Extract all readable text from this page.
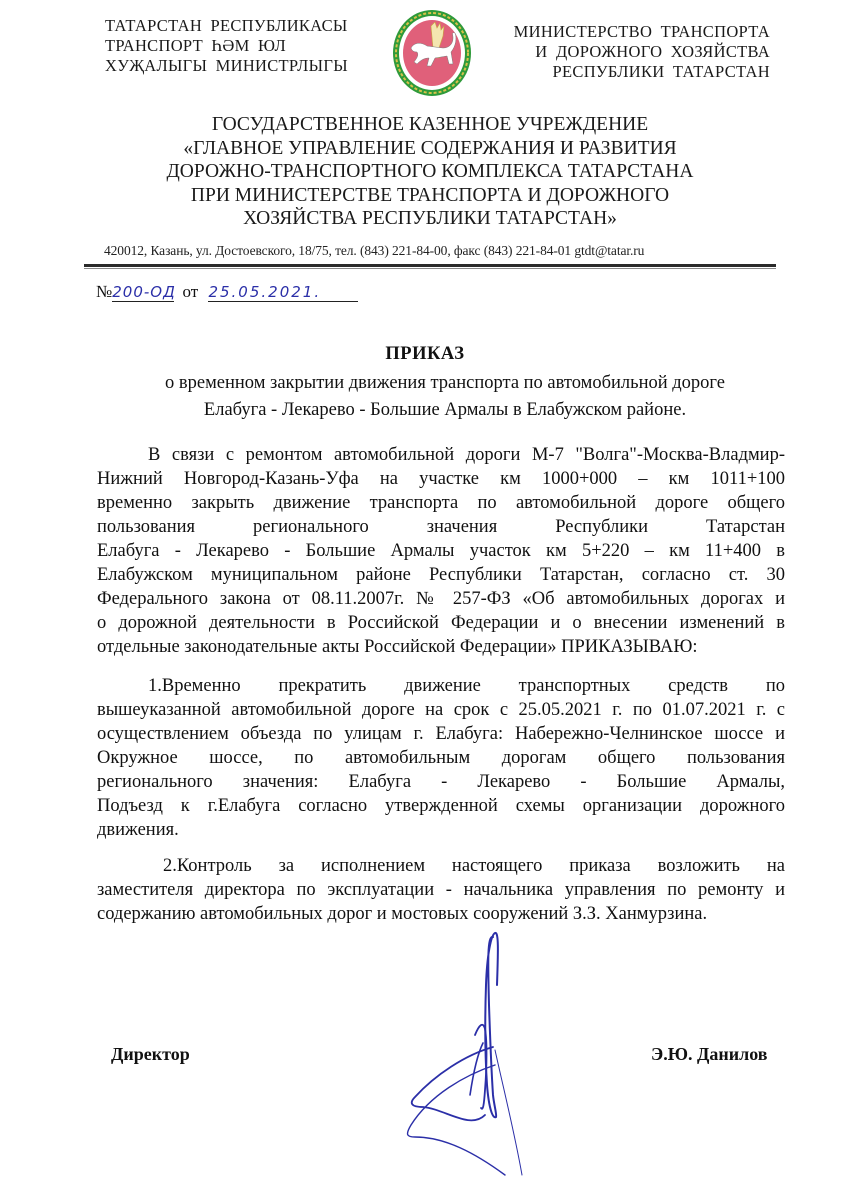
ТАТАРСТАН РЕСПУБЛИКАСЫ
ТРАНСПОРТ ҺӘМ ЮЛ
ХУҖАЛЫГЫ МИНИСТРЛЫГЫ
МИНИСТЕРСТВО ТРАНСПОРТА
И ДОРОЖНОГО ХОЗЯЙСТВА
РЕСПУБЛИКИ ТАТАРСТАН
ГОСУДАРСТВЕННОЕ КАЗЕННОЕ УЧРЕЖДЕНИЕ
«ГЛАВНОЕ УПРАВЛЕНИЕ СОДЕРЖАНИЯ И РАЗВИТИЯ
ДОРОЖНО-ТРАНСПОРТНОГО КОМПЛЕКСА ТАТАРСТАНА
ПРИ МИНИСТЕРСТВЕ ТРАНСПОРТА И ДОРОЖНОГО
ХОЗЯЙСТВА РЕСПУБЛИКИ ТАТАРСТАН»
420012, Казань, ул. Достоевского, 18/75, тел. (843) 221-84-00, факс (843) 221-84-01 gtdt@tatar.ru
№200-ОД от 25.05.2021.
ПРИКАЗ
о временном закрытии движения транспорта по автомобильной дороге
Елабуга - Лекарево - Большие Армалы в Елабужском районе.
В связи с ремонтом автомобильной дороги М-7 "Волга"-Москва-Владмир-
Нижний Новгород-Казань-Уфа на участке км 1000+000 – км 1011+100
временно закрыть движение транспорта по автомобильной дороге общего
пользования регионального значения Республики Татарстан
Елабуга - Лекарево - Большие Армалы участок км 5+220 – км 11+400 в
Елабужском муниципальном районе Республики Татарстан, согласно ст. 30
Федерального закона от 08.11.2007г. № 257-ФЗ «Об автомобильных дорогах и
о дорожной деятельности в Российской Федерации и о внесении изменений в
отдельные законодательные акты Российской Федерации» ПРИКАЗЫВАЮ:
1.Временно прекратить движение транспортных средств по
вышеуказанной автомобильной дороге на срок с 25.05.2021 г. по 01.07.2021 г. с
осуществлением объезда по улицам г. Елабуга: Набережно-Челнинское шоссе и
Окружное шоссе, по автомобильным дорогам общего пользования
регионального значения: Елабуга - Лекарево - Большие Армалы,
Подъезд к г.Елабуга согласно утвержденной схемы организации дорожного
движения.
2.Контроль за исполнением настоящего приказа возложить на
заместителя директора по эксплуатации - начальника управления по ремонту и
содержанию автомобильных дорог и мостовых сооружений З.З. Ханмурзина.
Директор	Э.Ю. Данилов
